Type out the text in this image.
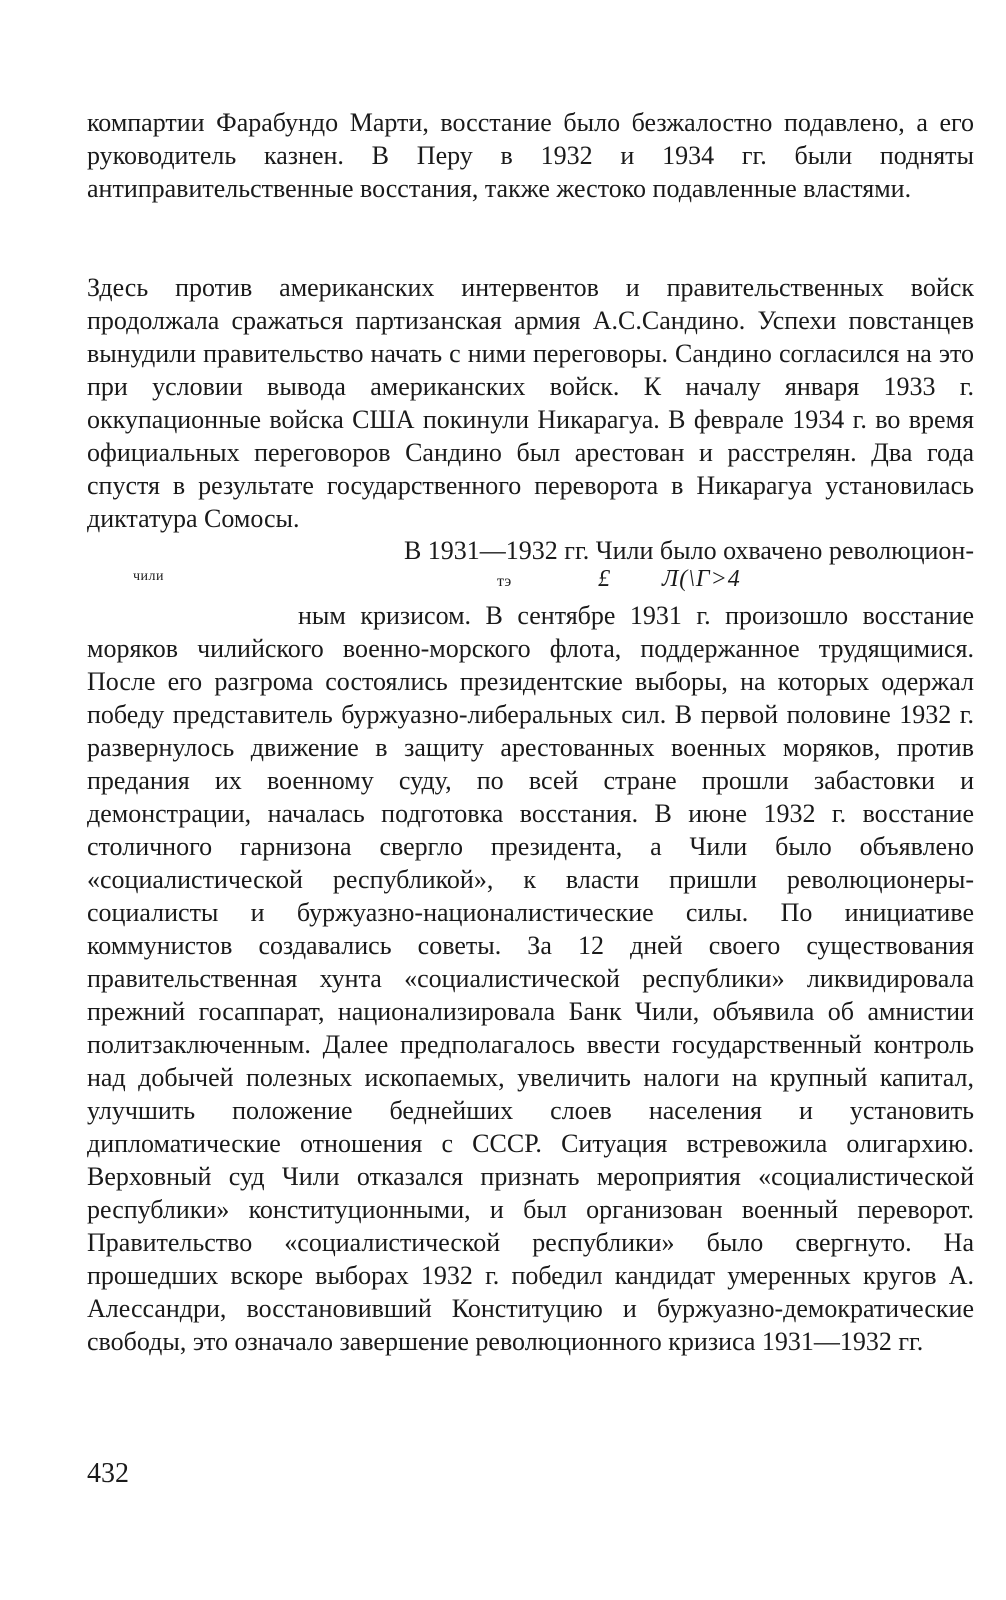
компартии Фарабундо Марти, восстание было безжалостно подавлено, а его руководитель казнен. В Перу в 1932 и 1934 гг. были подняты антиправительственные восстания, также жестоко подавленные властями.

Здесь против американских интервентов и правительственных войск продолжала сражаться партизанская армия А.С.Сандино. Успехи повстанцев вынудили правительство начать с ними переговоры. Сандино согласился на это при условии вывода американских войск. К началу января 1933 г. оккупационные войска США покинули Никарагуа. В феврале 1934 г. во время официальных переговоров Сандино был арестован и расстрелян. Два года спустя в результате государственного переворота в Никарагуа установилась диктатура Сомосы.

В 1931—1932 гг. Чили было охвачено революцион-
чили	тэ	£ Л(\Г>4

ным кризисом. В сентябре 1931 г. произошло восстание моряков чилийского военно-морского флота, поддержанное трудящимися. После его разгрома состоялись президентские выборы, на которых одержал победу представитель буржуазно-либеральных сил. В первой половине 1932 г. развернулось движение в защиту арестованных военных моряков, против предания их военному суду, по всей стране прошли забастовки и демонстрации, началась подготовка восстания. В июне 1932 г. восстание столичного гарнизона свергло президента, а Чили было объявлено «социалистической республикой», к власти пришли революционеры-социалисты и буржуазно-националистические силы. По инициативе коммунистов создавались советы. За 12 дней своего существования правительственная хунта «социалистической республики» ликвидировала прежний госаппарат, национализировала Банк Чили, объявила об амнистии политзаключенным. Далее предполагалось ввести государственный контроль над добычей полезных ископаемых, увеличить налоги на крупный капитал, улучшить положение беднейших слоев населения и установить дипломатические отношения с СССР. Ситуация встревожила олигархию. Верховный суд Чили отказался признать мероприятия «социалистической республики» конституционными, и был организован военный переворот. Правительство «социалистической республики» было свергнуто. На прошедших вскоре выборах 1932 г. победил кандидат умеренных кругов А. Алессандри, восстановивший Конституцию и буржуазно-демократические свободы, это означало завершение революционного кризиса 1931—1932 гг.

432
